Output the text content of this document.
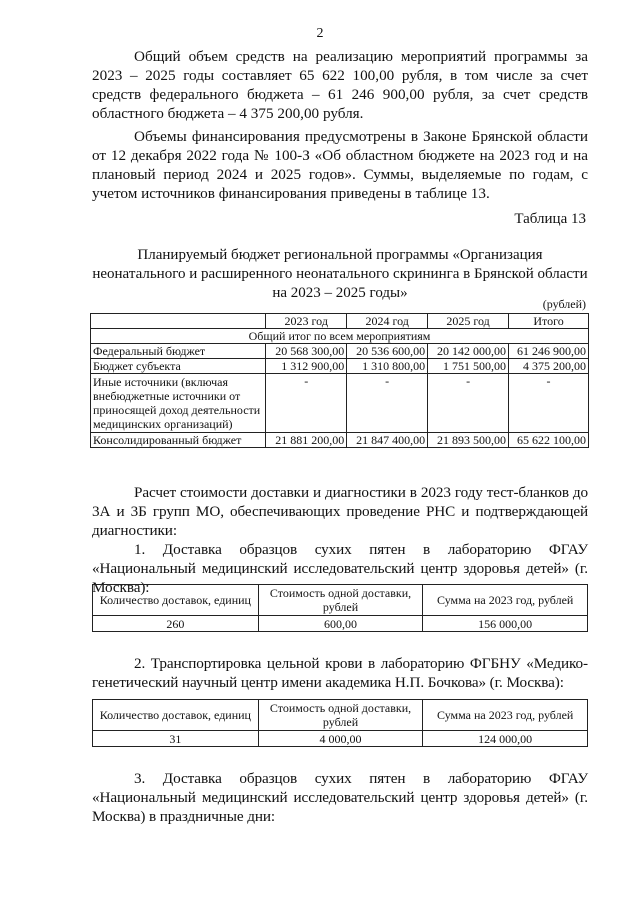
2

Общий объем средств на реализацию мероприятий программы за 2023 – 2025 годы составляет 65 622 100,00 рубля, в том числе за счет средств федерального бюджета – 61 246 900,00 рубля, за счет средств областного бюджета – 4 375 200,00 рубля.

Объемы финансирования предусмотрены в Законе Брянской области от 12 декабря 2022 года № 100-З «Об областном бюджете на 2023 год и на плановый период 2024 и 2025 годов». Суммы, выделяемые по годам, с учетом источников финансирования приведены в таблице 13.

Таблица 13
Планируемый бюджет региональной программы «Организация неонатального и расширенного неонатального скрининга в Брянской области на 2023 – 2025 годы»
(рублей)
	2023 год	2024 год	2025 год	Итого
Общий итог по всем мероприятиям				
Федеральный бюджет	20 568 300,00	20 536 600,00	20 142 000,00	61 246 900,00
Бюджет субъекта	1 312 900,00	1 310 800,00	1 751 500,00	4 375 200,00
Иные источники (включая внебюджетные источники от приносящей доход деятельности медицинских организаций)	-	-	-	-
Консолидированный бюджет	21 881 200,00	21 847 400,00	21 893 500,00	65 622 100,00

Расчет стоимости доставки и диагностики в 2023 году тест-бланков до 3А и 3Б групп МО, обеспечивающих проведение РНС и подтверждающей диагностики:

1. Доставка образцов сухих пятен в лабораторию ФГАУ «Национальный медицинский исследовательский центр здоровья детей» (г. Москва):

Количество доставок, единиц	Стоимость одной доставки, рублей	Сумма на 2023 год, рублей
260	600,00	156 000,00

2. Транспортировка цельной крови в лабораторию ФГБНУ «Медико-генетический научный центр имени академика Н.П. Бочкова» (г. Москва):

Количество доставок, единиц	Стоимость одной доставки, рублей	Сумма на 2023 год, рублей
31	4 000,00	124 000,00

3. Доставка образцов сухих пятен в лабораторию ФГАУ «Национальный медицинский исследовательский центр здоровья детей» (г. Москва) в праздничные дни:
